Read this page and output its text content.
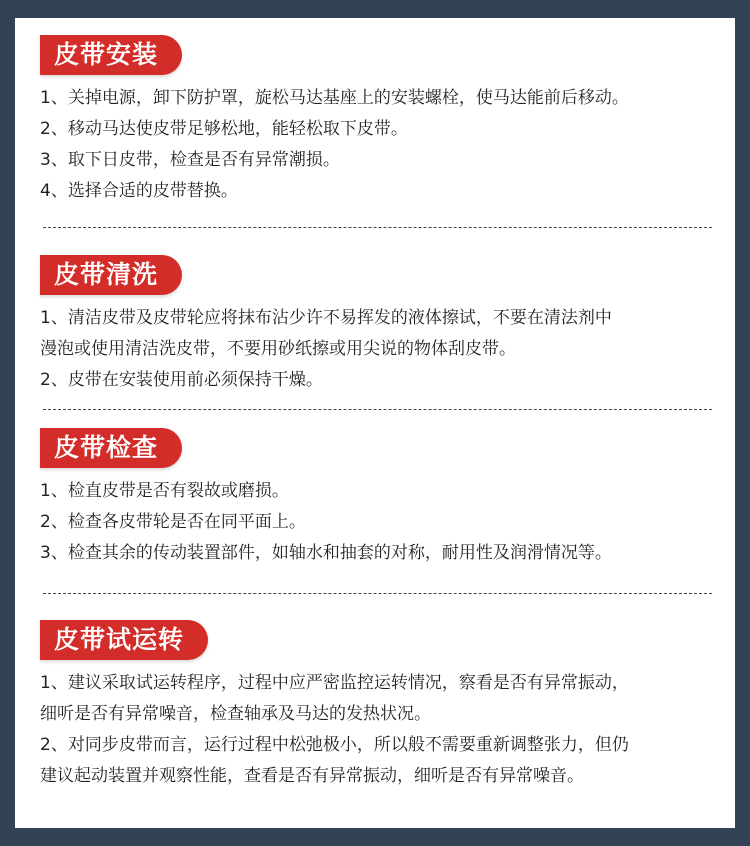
皮带安装
1、关掉电源，卸下防护罩，旋松马达基座上的安装螺栓，使马达能前后移动。
2、移动马达使皮带足够松地，能轻松取下皮带。
3、取下日皮带，检查是否有异常潮损。
4、选择合适的皮带替换。
皮带清洗
1、清洁皮带及皮带轮应将抹布沾少许不易挥发的液体擦试，不要在清法剂中
漫泡或使用清洁洗皮带，不要用砂纸擦或用尖说的物体刮皮带。
2、皮带在安装使用前必须保持干燥。
皮带检查
1、检直皮带是否有裂故或磨损。
2、检查各皮带轮是否在同平面上。
3、检查其余的传动装置部件，如轴水和抽套的对称，耐用性及润滑情况等。
皮带试运转
1、建议采取试运转程序，过程中应严密监控运转情况，察看是否有异常振动，
细听是否有异常噪音，检查轴承及马达的发热状况。
2、对同步皮带而言，运行过程中松弛极小，所以般不需要重新调整张力，但仍
建议起动装置并观察性能，查看是否有异常振动，细听是否有异常噪音。
